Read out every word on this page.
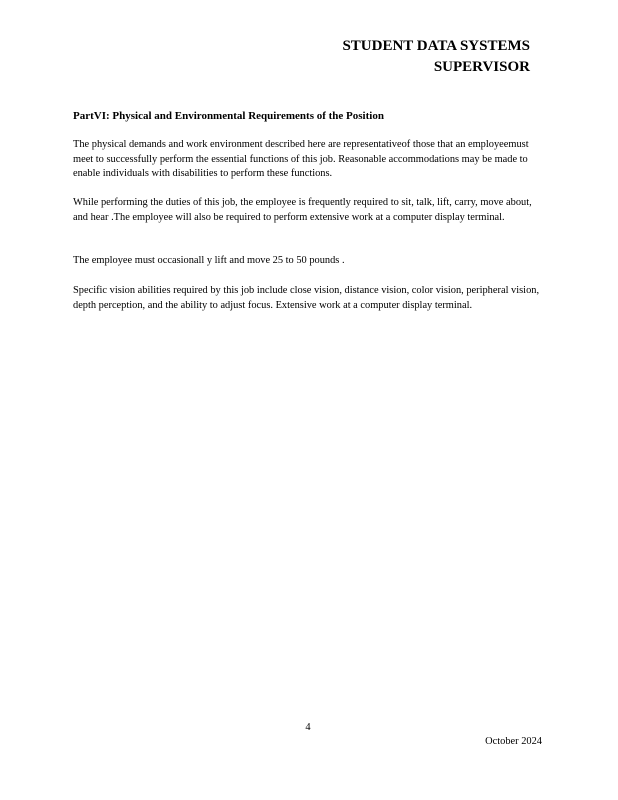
STUDENT DATA SYSTEMS
SUPERVISOR
PartVI: Physical and Environmental Requirements of the Position

The physical demands and work environment described here are representativeof those that an employeemust meet to successfully perform the essential functions of this job. Reasonable accommodations may be made to enable individuals with disabilities to perform these functions.

While performing the duties of this job, the employee is frequently required to sit, talk, lift, carry, move about, and hear .The employee will also be required to perform extensive work at a computer display terminal.

The employee must occasionall y lift and move 25 to 50 pounds .

Specific vision abilities required by this job include close vision, distance vision, color vision, peripheral vision, depth perception, and the ability to adjust focus. Extensive work at a computer display terminal.

4

October 2024
